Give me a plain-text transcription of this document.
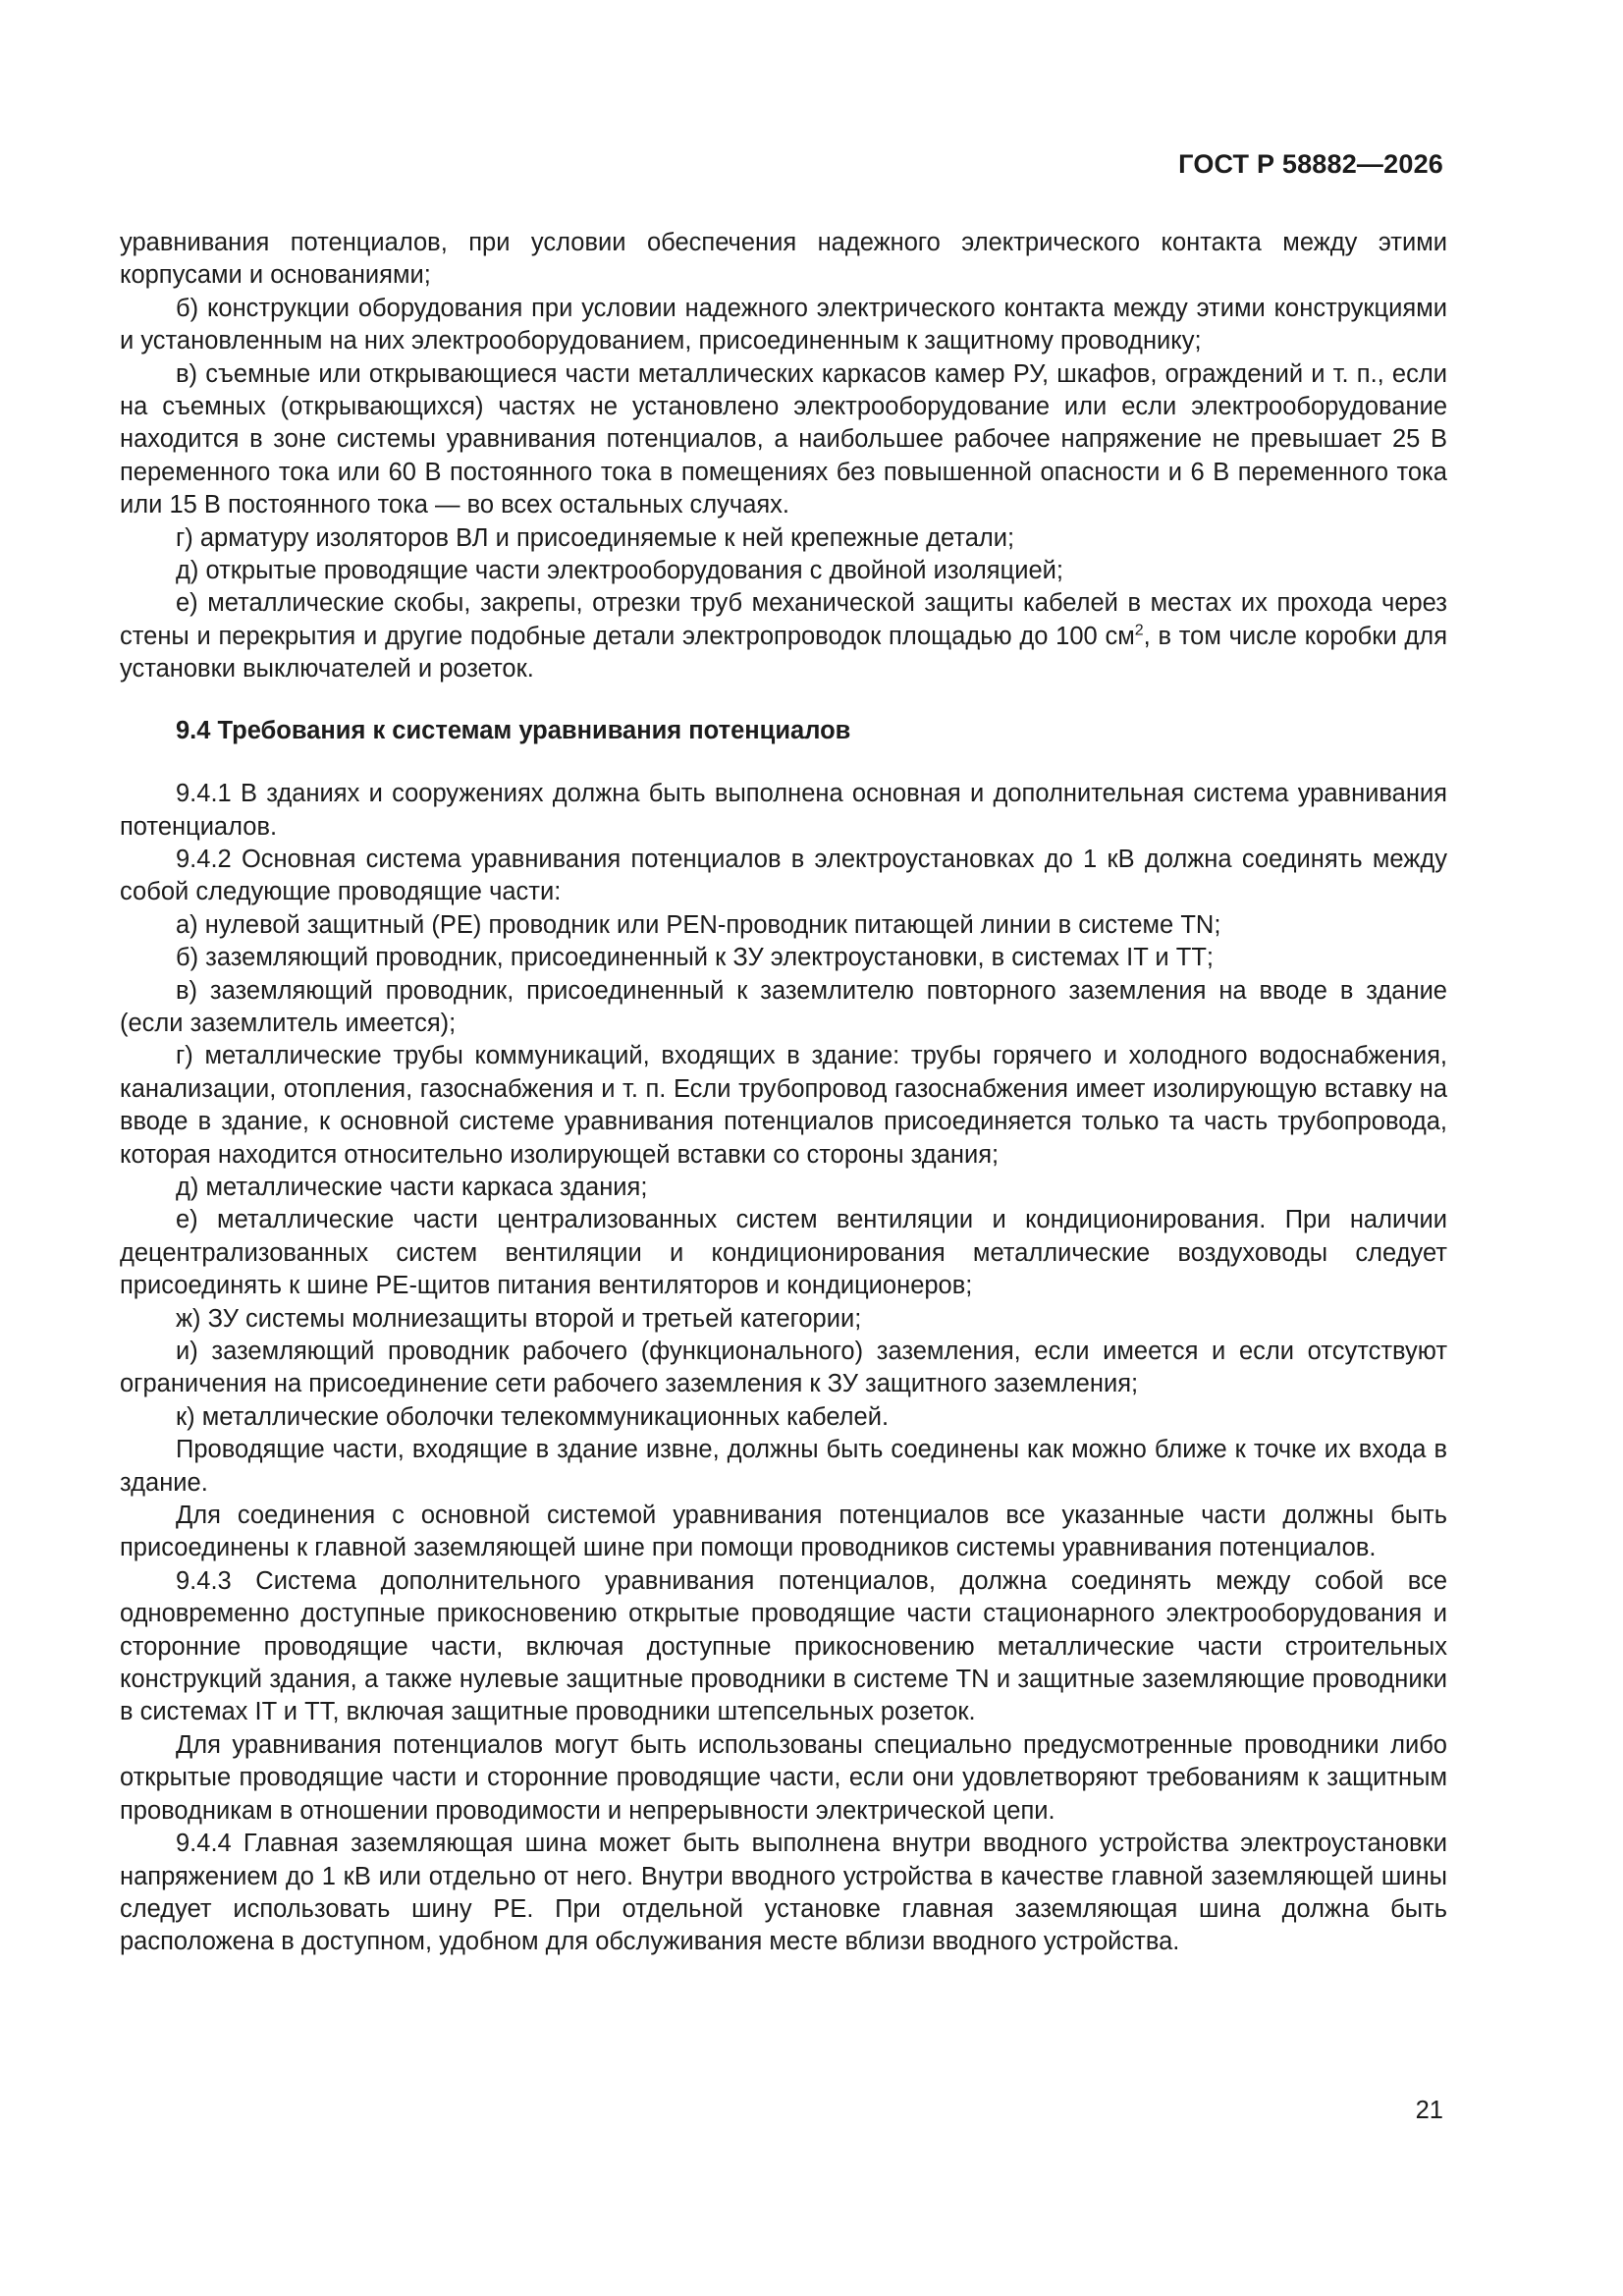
ГОСТ Р 58882—2026

уравнивания потенциалов, при условии обеспечения надежного электрического контакта между этими корпусами и основаниями;

б) конструкции оборудования при условии надежного электрического контакта между этими конструкциями и установленным на них электрооборудованием, присоединенным к защитному проводнику;

в) съемные или открывающиеся части металлических каркасов камер РУ, шкафов, ограждений и т. п., если на съемных (открывающихся) частях не установлено электрооборудование или если электрооборудование находится в зоне системы уравнивания потенциалов, а наибольшее рабочее напряжение не превышает 25 В переменного тока или 60 В постоянного тока в помещениях без повышенной опасности и 6 В переменного тока или 15 В постоянного тока — во всех остальных случаях.

г) арматуру изоляторов ВЛ и присоединяемые к ней крепежные детали;

д) открытые проводящие части электрооборудования с двойной изоляцией;

е) металлические скобы, закрепы, отрезки труб механической защиты кабелей в местах их прохода через стены и перекрытия и другие подобные детали электропроводок площадью до 100 $см^2$, в том числе коробки для установки выключателей и розеток.

9.4 Требования к системам уравнивания потенциалов

9.4.1 В зданиях и сооружениях должна быть выполнена основная и дополнительная система уравнивания потенциалов.

9.4.2 Основная система уравнивания потенциалов в электроустановках до 1 кВ должна соединять между собой следующие проводящие части:

а) нулевой защитный (PE) проводник или PEN-проводник питающей линии в системе TN;

б) заземляющий проводник, присоединенный к ЗУ электроустановки, в системах IT и ТТ;

в) заземляющий проводник, присоединенный к заземлителю повторного заземления на вводе в здание (если заземлитель имеется);

г) металлические трубы коммуникаций, входящих в здание: трубы горячего и холодного водоснабжения, канализации, отопления, газоснабжения и т. п. Если трубопровод газоснабжения имеет изолирующую вставку на вводе в здание, к основной системе уравнивания потенциалов присоединяется только та часть трубопровода, которая находится относительно изолирующей вставки со стороны здания;

д) металлические части каркаса здания;

е) металлические части централизованных систем вентиляции и кондиционирования. При наличии децентрализованных систем вентиляции и кондиционирования металлические воздуховоды следует присоединять к шине PE-щитов питания вентиляторов и кондиционеров;

ж) ЗУ системы молниезащиты второй и третьей категории;

и) заземляющий проводник рабочего (функционального) заземления, если имеется и если отсутствуют ограничения на присоединение сети рабочего заземления к ЗУ защитного заземления;

к) металлические оболочки телекоммуникационных кабелей.

Проводящие части, входящие в здание извне, должны быть соединены как можно ближе к точке их входа в здание.

Для соединения с основной системой уравнивания потенциалов все указанные части должны быть присоединены к главной заземляющей шине при помощи проводников системы уравнивания потенциалов.

9.4.3 Система дополнительного уравнивания потенциалов, должна соединять между собой все одновременно доступные прикосновению открытые проводящие части стационарного электрооборудования и сторонние проводящие части, включая доступные прикосновению металлические части строительных конструкций здания, а также нулевые защитные проводники в системе TN и защитные заземляющие проводники в системах IT и ТТ, включая защитные проводники штепсельных розеток.

Для уравнивания потенциалов могут быть использованы специально предусмотренные проводники либо открытые проводящие части и сторонние проводящие части, если они удовлетворяют требованиям к защитным проводникам в отношении проводимости и непрерывности электрической цепи.

9.4.4 Главная заземляющая шина может быть выполнена внутри вводного устройства электроустановки напряжением до 1 кВ или отдельно от него. Внутри вводного устройства в качестве главной заземляющей шины следует использовать шину PE. При отдельной установке главная заземляющая шина должна быть расположена в доступном, удобном для обслуживания месте вблизи вводного устройства.

21
